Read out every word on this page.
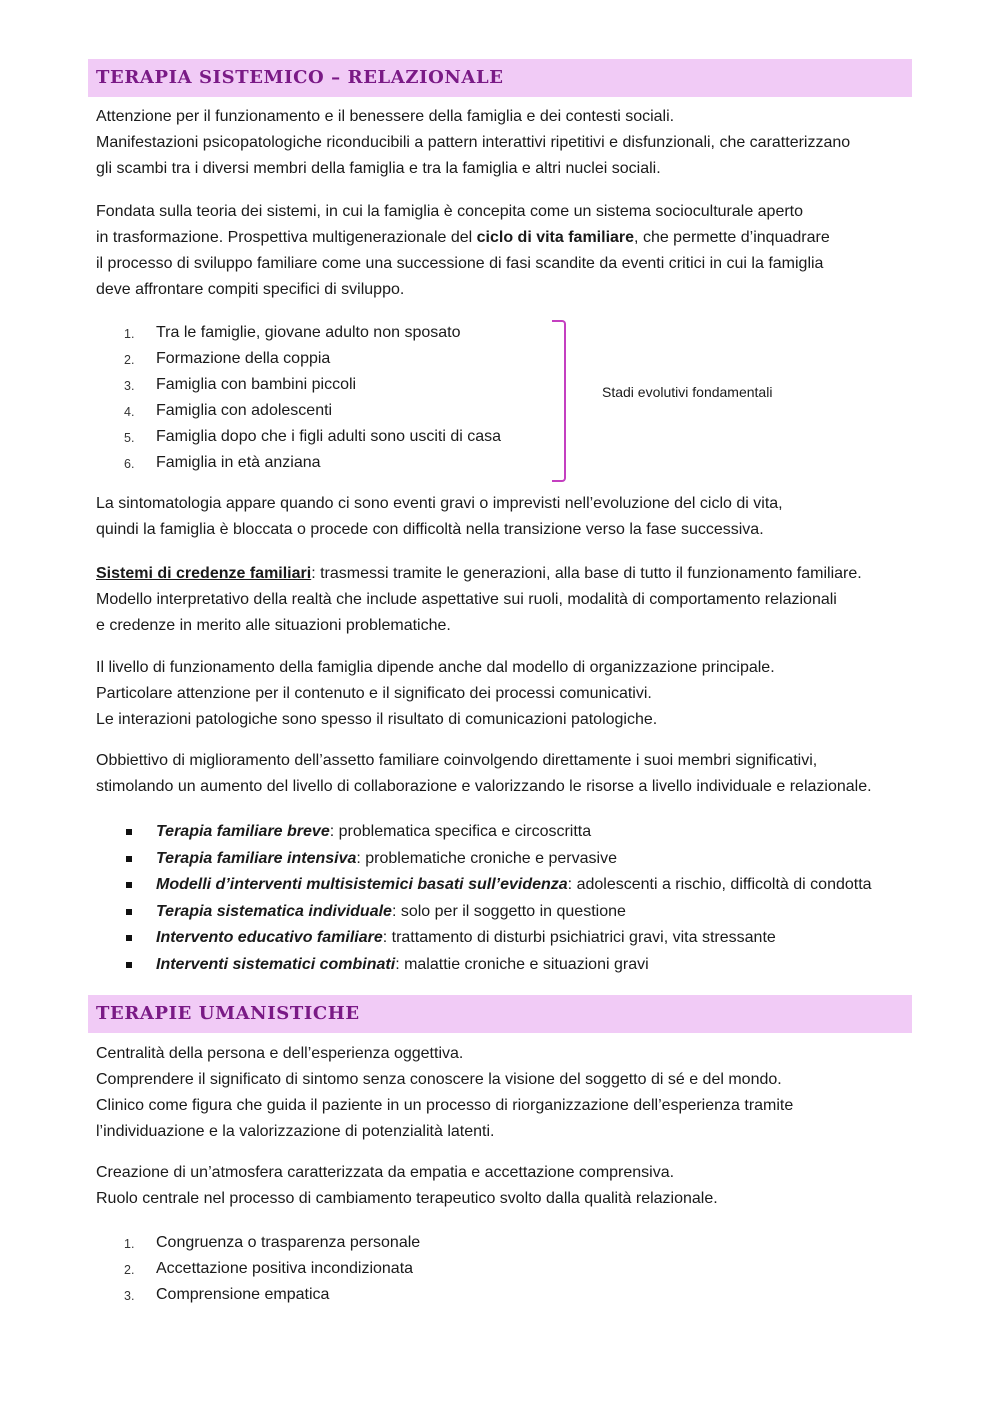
TERAPIA SISTEMICO – RELAZIONALE

Attenzione per il funzionamento e il benessere della famiglia e dei contesti sociali.
Manifestazioni psicopatologiche riconducibili a pattern interattivi ripetitivi e disfunzionali, che caratterizzano
gli scambi tra i diversi membri della famiglia e tra la famiglia e altri nuclei sociali.

Fondata sulla teoria dei sistemi, in cui la famiglia è concepita come un sistema socioculturale aperto
in trasformazione. Prospettiva multigenerazionale del ciclo di vita familiare, che permette d’inquadrare
il processo di sviluppo familiare come una successione di fasi scandite da eventi critici in cui la famiglia
deve affrontare compiti specifici di sviluppo.

1. Tra le famiglie, giovane adulto non sposato
2. Formazione della coppia
3. Famiglia con bambini piccoli
4. Famiglia con adolescenti
5. Famiglia dopo che i figli adulti sono usciti di casa
6. Famiglia in età anziana
Stadi evolutivi fondamentali

La sintomatologia appare quando ci sono eventi gravi o imprevisti nell’evoluzione del ciclo di vita,
quindi la famiglia è bloccata o procede con difficoltà nella transizione verso la fase successiva.

Sistemi di credenze familiari: trasmessi tramite le generazioni, alla base di tutto il funzionamento familiare.
Modello interpretativo della realtà che include aspettative sui ruoli, modalità di comportamento relazionali
e credenze in merito alle situazioni problematiche.

Il livello di funzionamento della famiglia dipende anche dal modello di organizzazione principale.
Particolare attenzione per il contenuto e il significato dei processi comunicativi.
Le interazioni patologiche sono spesso il risultato di comunicazioni patologiche.

Obbiettivo di miglioramento dell’assetto familiare coinvolgendo direttamente i suoi membri significativi,
stimolando un aumento del livello di collaborazione e valorizzando le risorse a livello individuale e relazionale.

Terapia familiare breve: problematica specifica e circoscritta
Terapia familiare intensiva: problematiche croniche e pervasive
Modelli d’interventi multisistemici basati sull’evidenza: adolescenti a rischio, difficoltà di condotta
Terapia sistematica individuale: solo per il soggetto in questione
Intervento educativo familiare: trattamento di disturbi psichiatrici gravi, vita stressante
Interventi sistematici combinati: malattie croniche e situazioni gravi
TERAPIE UMANISTICHE

Centralità della persona e dell’esperienza oggettiva.
Comprendere il significato di sintomo senza conoscere la visione del soggetto di sé e del mondo.
Clinico come figura che guida il paziente in un processo di riorganizzazione dell’esperienza tramite
l’individuazione e la valorizzazione di potenzialità latenti.

Creazione di un’atmosfera caratterizzata da empatia e accettazione comprensiva.
Ruolo centrale nel processo di cambiamento terapeutico svolto dalla qualità relazionale.

1. Congruenza o trasparenza personale
2. Accettazione positiva incondizionata
3. Comprensione empatica
